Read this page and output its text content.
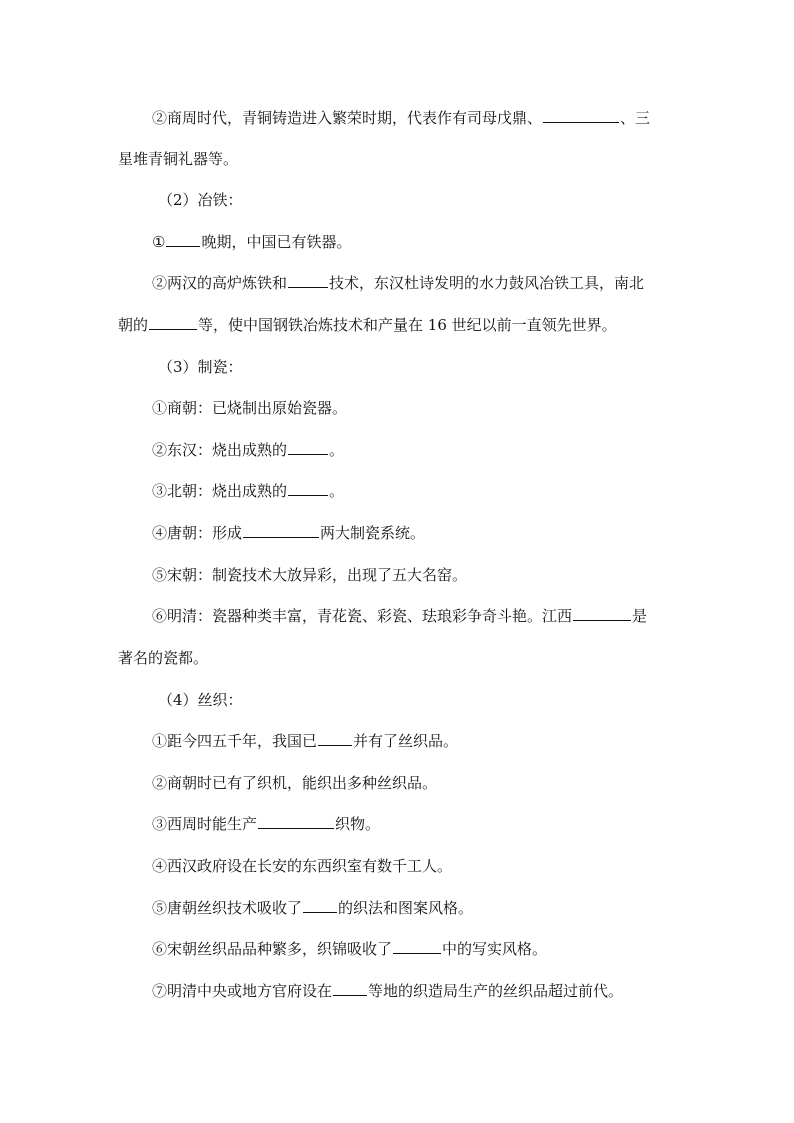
②商周时代，青铜铸造进入繁荣时期，代表作有司母戊鼎、	、三
星堆青铜礼器等。
（2）冶铁：
① 晚期，中国已有铁器。
②两汉的高炉炼铁和	技术，东汉杜诗发明的水力鼓风冶铁工具，南北
朝的	等，使中国钢铁冶炼技术和产量在 16 世纪以前一直领先世界。
（3）制瓷：
①商朝：已烧制出原始瓷器。
②东汉：烧出成熟的	。
③北朝：烧出成熟的	。
④唐朝：形成	两大制瓷系统。
⑤宋朝：制瓷技术大放异彩，出现了五大名窑。
⑥明清：瓷器种类丰富，青花瓷、彩瓷、珐琅彩争奇斗艳。江西	是
著名的瓷都。
（4）丝织：
①距今四五千年，我国已 并有了丝织品。
②商朝时已有了织机，能织出多种丝织品。
③西周时能生产	织物。
④西汉政府设在长安的东西织室有数千工人。
⑤唐朝丝织技术吸收了 的织法和图案风格。
⑥宋朝丝织品品种繁多，织锦吸收了	中的写实风格。
⑦明清中央或地方官府设在 等地的织造局生产的丝织品超过前代。
